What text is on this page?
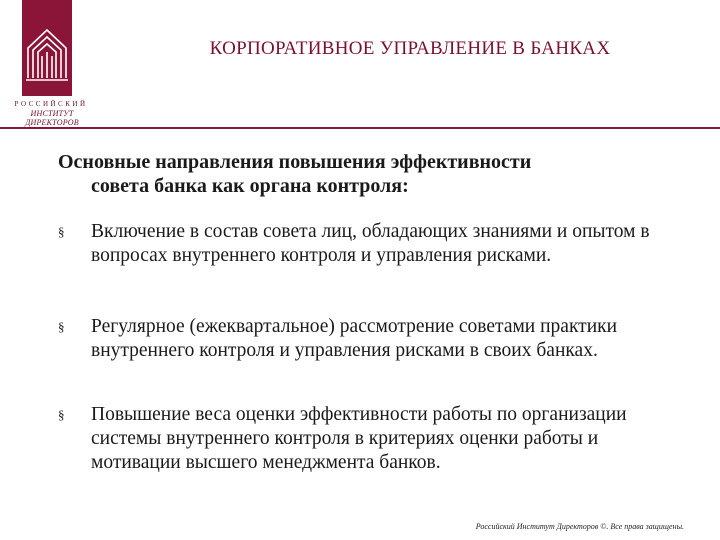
РОССИЙСКИЙ
ИНСТИТУТ ДИРЕКТОРОВ
КОРПОРАТИВНОЕ УПРАВЛЕНИЕ В БАНКАХ
Основные направления повышения эффективности
совета банка как органа контроля:
§ Включение в состав совета лиц, обладающих знаниями и опытом в вопросах внутреннего контроля и управления рисками.
§ Регулярное (ежеквартальное) рассмотрение советами практики внутреннего контроля и управления рисками в своих банках.
§ Повышение веса оценки эффективности работы по организации системы внутреннего контроля в критериях оценки работы и мотивации высшего менеджмента банков.
Российский Институт Директоров ©. Все права защищены.
